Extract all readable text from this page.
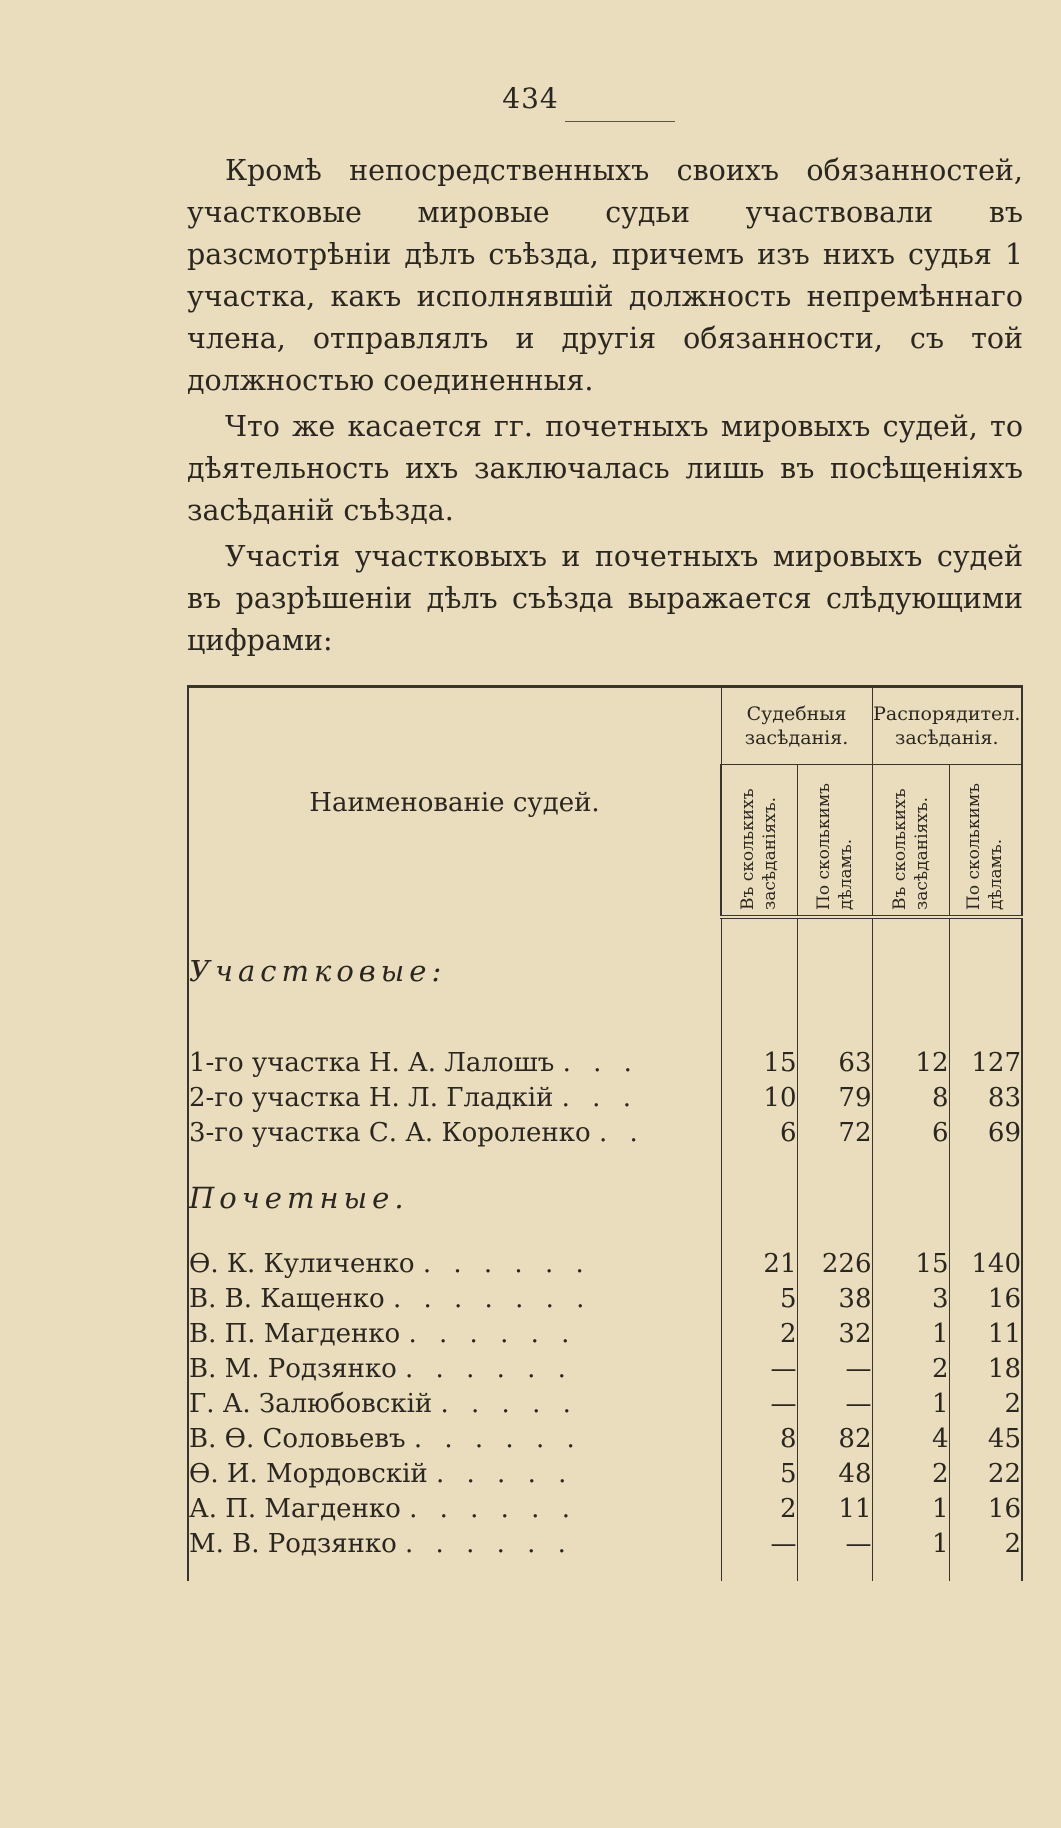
434

Кромѣ непосредственныхъ своихъ обязанностей, участковые мировые судьи участвовали въ разсмотрѣніи дѣлъ съѣзда, причемъ изъ нихъ судья 1 участка, какъ исполнявшій должность непремѣннаго члена, отправлялъ и другія обязанности, съ той должностью соединенныя.

Что же касается гг. почетныхъ мировыхъ судей, то дѣятельность ихъ заключалась лишь въ посѣщеніяхъ засѣданій съѣзда.

Участія участковыхъ и почетныхъ мировыхъ судей въ разрѣшеніи дѣлъ съѣзда выражается слѣдующими цифрами:

Наименованіе судей.	Судебныя засѣданія.		Распорядител. засѣданія.	

	Въ сколькихъ засѣданіяхъ.	По сколькимъ дѣламъ.	Въ сколькихъ засѣданіяхъ.	По сколькимъ дѣламъ.

Участковые:				

1-го участка Н. А. Лалошъ . . .	15	63	12	127
2-го участка Н. Л. Гладкій . . .	10	79	8	83
3-го участка С. А. Короленко . .	6	72	6	69
Почетные.				
Ѳ. К. Куличенко . . . . . .	21	226	15	140
В. В. Кащенко . . . . . . .	5	38	3	16
В. П. Магденко . . . . . .	2	32	1	11
В. М. Родзянко . . . . . .	—	—	2	18
Г. А. Залюбовскій . . . . .	—	—	1	2
В. Ѳ. Соловьевъ . . . . . .	8	82	4	45
Ѳ. И. Мордовскій . . . . .	5	48	2	22
А. П. Магденко . . . . . .	2	11	1	16
М. В. Родзянко . . . . . .	—	—	1	2
